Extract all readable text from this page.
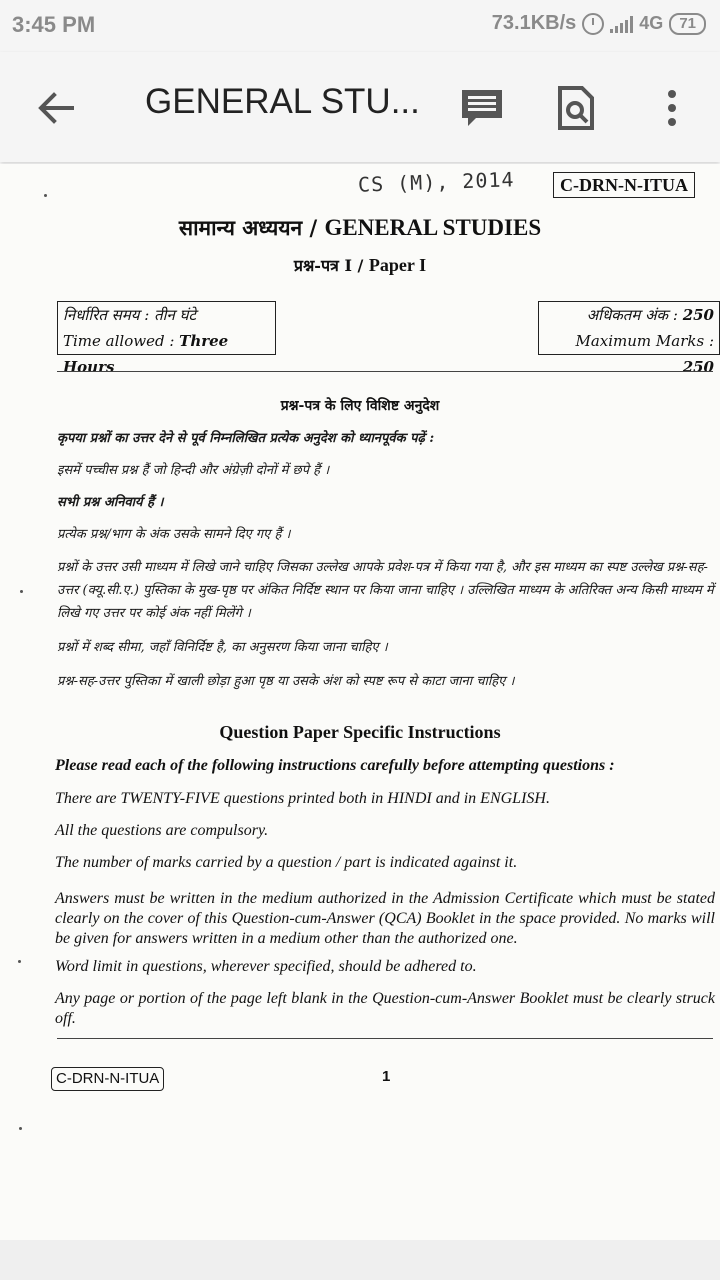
3:45 PM	73.1KB/s	4G	71
GENERAL STU...
CS (M), 2014	C-DRN-N-ITUA
सामान्य अध्ययन / GENERAL STUDIES
प्रश्न-पत्र I / Paper I
निर्धारित समय : तीन घंटे
Time allowed : Three Hours
अधिकतम अंक : 250
Maximum Marks : 250
प्रश्न-पत्र के लिए विशिष्ट अनुदेश
कृपया प्रश्नों का उत्तर देने से पूर्व निम्नलिखित प्रत्येक अनुदेश को ध्यानपूर्वक पढ़ें :
इसमें पच्चीस प्रश्न हैं जो हिन्दी और अंग्रेज़ी दोनों में छपे हैं ।
सभी प्रश्न अनिवार्य हैं ।
प्रत्येक प्रश्न/भाग के अंक उसके सामने दिए गए हैं ।
प्रश्नों के उत्तर उसी माध्यम में लिखे जाने चाहिए जिसका उल्लेख आपके प्रवेश-पत्र में किया गया है, और इस माध्यम का स्पष्ट उल्लेख प्रश्न-सह-उत्तर (क्यू.सी.ए.) पुस्तिका के मुख-पृष्ठ पर अंकित निर्दिष्ट स्थान पर किया जाना चाहिए । उल्लिखित माध्यम के अतिरिक्त अन्य किसी माध्यम में लिखे गए उत्तर पर कोई अंक नहीं मिलेंगे ।
प्रश्नों में शब्द सीमा, जहाँ विनिर्दिष्ट है, का अनुसरण किया जाना चाहिए ।
प्रश्न-सह-उत्तर पुस्तिका में खाली छोड़ा हुआ पृष्ठ या उसके अंश को स्पष्ट रूप से काटा जाना चाहिए ।
Question Paper Specific Instructions
Please read each of the following instructions carefully before attempting questions :
There are TWENTY-FIVE questions printed both in HINDI and in ENGLISH.
All the questions are compulsory.
The number of marks carried by a question / part is indicated against it.
Answers must be written in the medium authorized in the Admission Certificate which must be stated clearly on the cover of this Question-cum-Answer (QCA) Booklet in the space provided. No marks will be given for answers written in a medium other than the authorized one.
Word limit in questions, wherever specified, should be adhered to.
Any page or portion of the page left blank in the Question-cum-Answer Booklet must be clearly struck off.
C-DRN-N-ITUA	1
